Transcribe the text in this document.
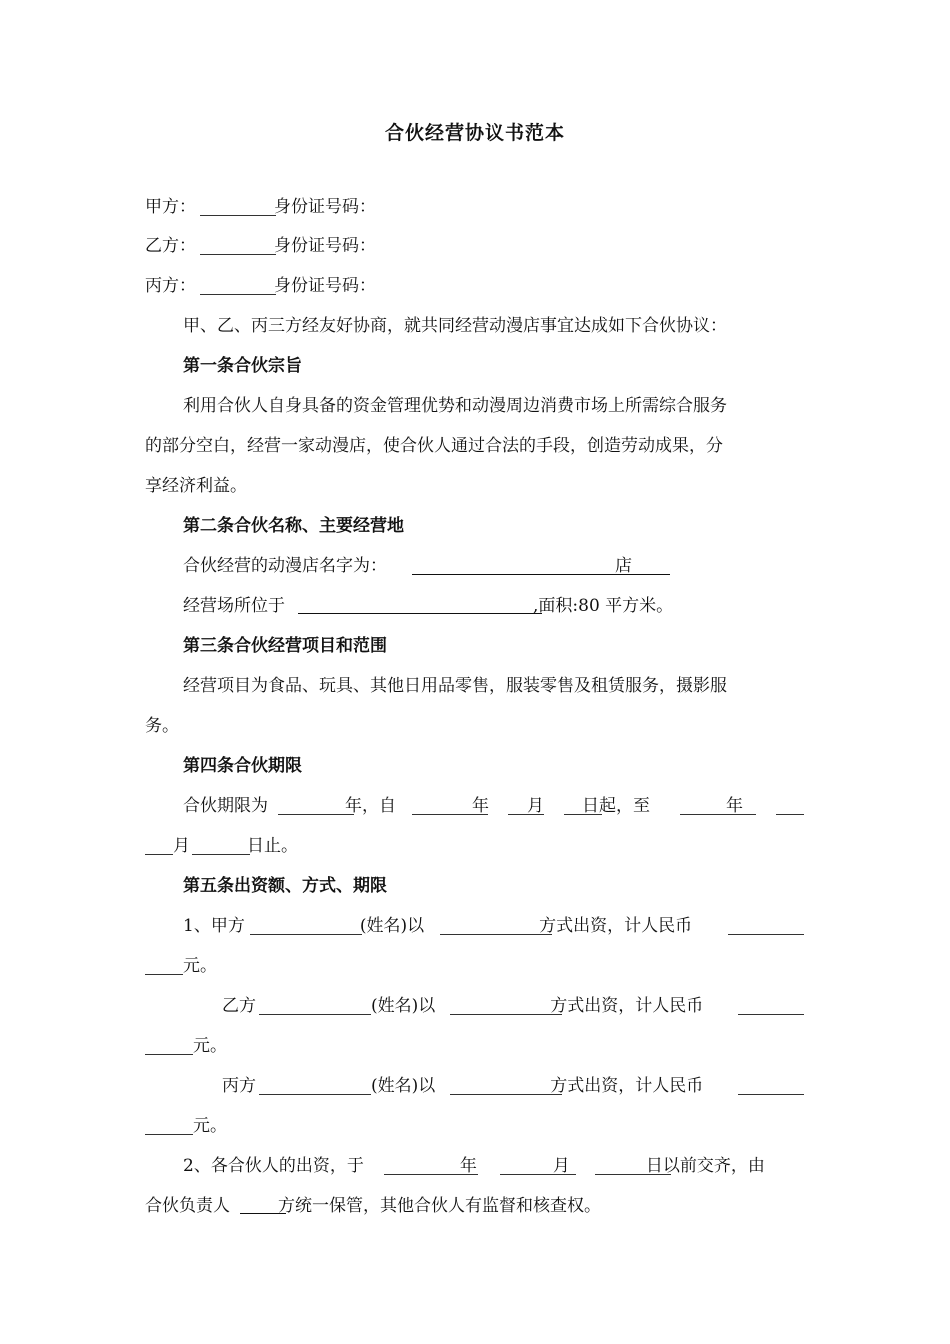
合伙经营协议书范本
甲方：	身份证号码：
乙方：	身份证号码：
丙方：	身份证号码：
甲、乙、丙三方经友好协商，就共同经营动漫店事宜达成如下合伙协议：
第一条合伙宗旨
利用合伙人自身具备的资金管理优势和动漫周边消费市场上所需综合服务
的部分空白，经营一家动漫店，使合伙人通过合法的手段，创造劳动成果，分
享经济利益。
第二条合伙名称、主要经营地
合伙经营的动漫店名字为：	店
经营场所位于	,面积:80 平方米。
第三条合伙经营项目和范围
经营项目为食品、玩具、其他日用品零售，服装零售及租赁服务，摄影服
务。
第四条合伙期限
合伙期限为	年，自	年 月 日起，至	年
月	日止。
第五条出资额、方式、期限
1、甲方	(姓名)以	方式出资，计人民币
元。
乙方	(姓名)以	方式出资，计人民币
元。
丙方	(姓名)以	方式出资，计人民币
元。
2、各合伙人的出资，于	年	月	日以前交齐，由
合伙负责人	方统一保管，其他合伙人有监督和核查权。
